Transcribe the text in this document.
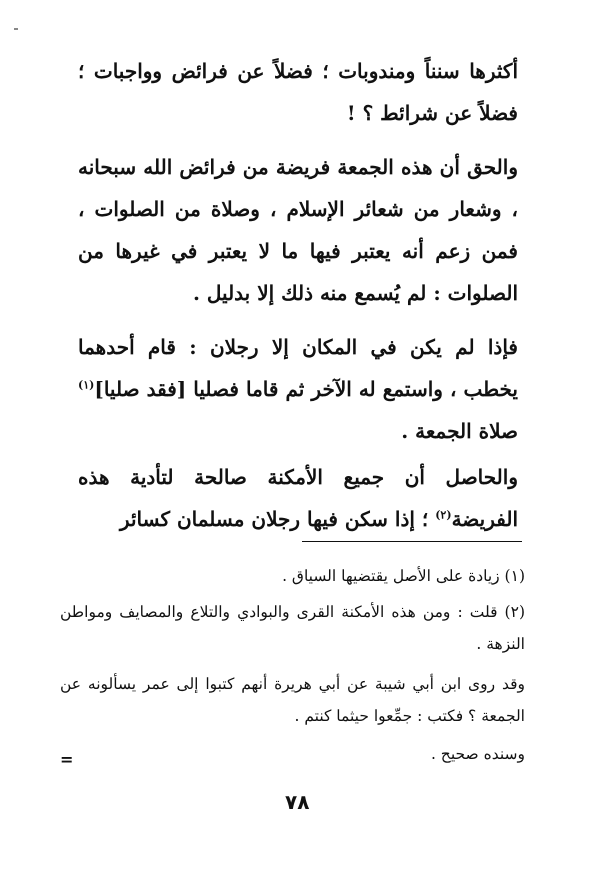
أكثرها سنناً ومندوبات ؛ فضلاً عن فرائض وواجبات ؛ فضلاً عن شرائط ؟ !

والحق أن هذه الجمعة فريضة من فرائض الله سبحانه ، وشعار من شعائر الإسلام ، وصلاة من الصلوات ، فمن زعم أنه يعتبر فيها ما لا يعتبر في غيرها من الصلوات : لم يُسمع منه ذلك إلا بدليل .

فإذا لم يكن في المكان إلا رجلان : قام أحدهما يخطب ، واستمع له الآخر ثم قاما فصليا [فقد صليا]$^{(١)}$ صلاة الجمعة .

والحاصل أن جميع الأمكنة صالحة لتأدية هذه الفريضة$^{(٢)}$ ؛ إذا سكن فيها رجلان مسلمان كسائر

(١) زيادة على الأصل يقتضيها السياق .

(٢) قلت : ومن هذه الأمكنة القرى والبوادي والتلاع والمصايف ومواطن النزهة .

وقد روى ابن أبي شيبة عن أبي هريرة أنهم كتبوا إلى عمر يسألونه عن الجمعة ؟ فكتب : جمِّعوا حيثما كنتم .

وسنده صحيح .

=
٧٨
